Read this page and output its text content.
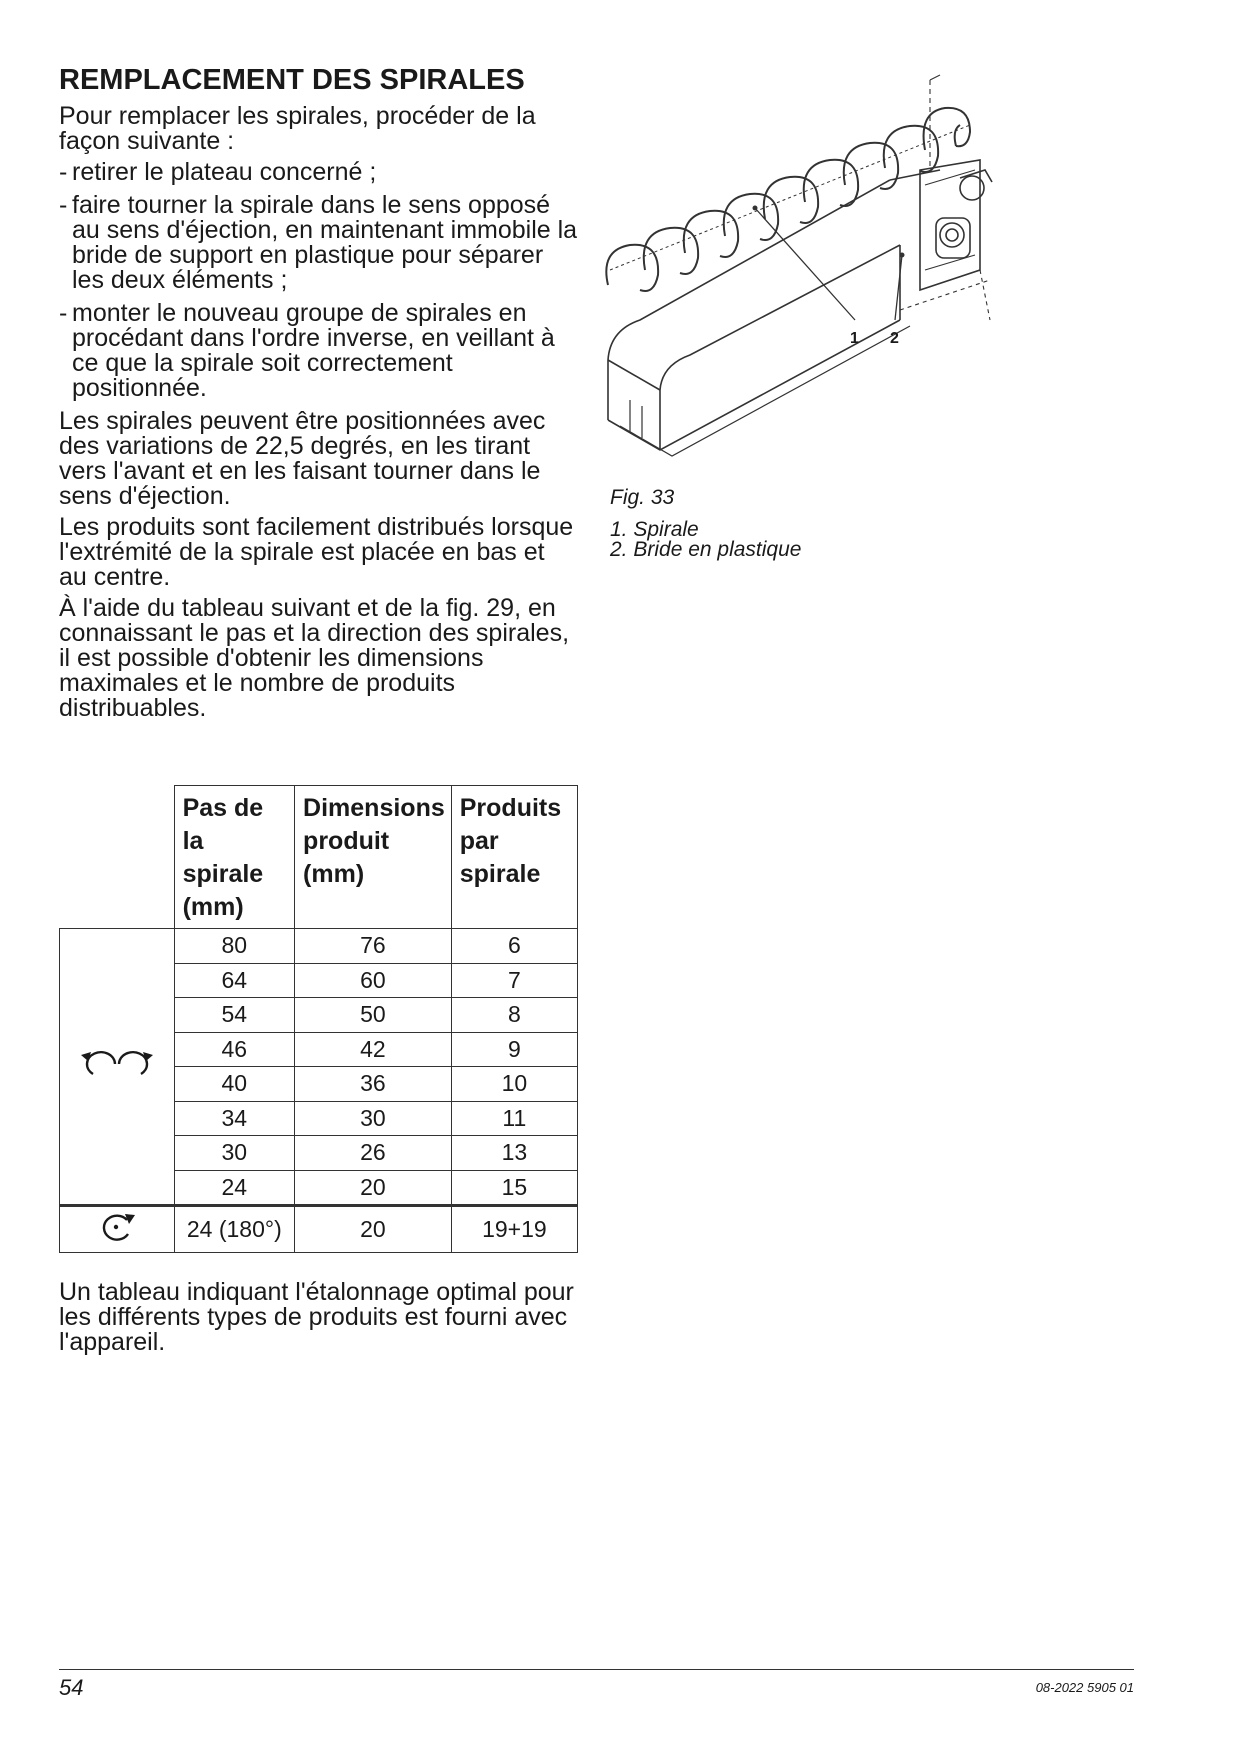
REMPLACEMENT DES SPIRALES

Pour remplacer les spirales, procéder de la façon suivante :

- retirer le plateau concerné ;
- faire tourner la spirale dans le sens opposé au sens d'éjection, en maintenant immobile la bride de support en plastique pour séparer les deux éléments ;
- monter le nouveau groupe de spirales en procédant dans l'ordre inverse, en veillant à ce que la spirale soit correctement positionnée.

Les spirales peuvent être positionnées avec des variations de 22,5 degrés, en les tirant vers l'avant et en les faisant tourner dans le sens d'éjection.

Les produits sont facilement distribués lorsque l'extrémité de la spirale est placée en bas et au centre.

À l'aide du tableau suivant et de la fig. 29, en connaissant le pas et la direction des spirales, il est possible d'obtenir les dimensions maximales et le nombre de produits distribuables.

	Pas de la spirale (mm)	Dimensions produit (mm)	Produits par spirale
	80	76	6
	64	60	7
	54	50	8
	46	42	9
	40	36	10
	34	30	11
	30	26	13
	24	20	15
	24 (180°)	20	19+19

Un tableau indiquant l'étalonnage optimal pour les différents types de produits est fourni avec l'appareil.

1 2
Fig. 33
1. Spirale
2. Bride en plastique
54	08-2022 5905 01
